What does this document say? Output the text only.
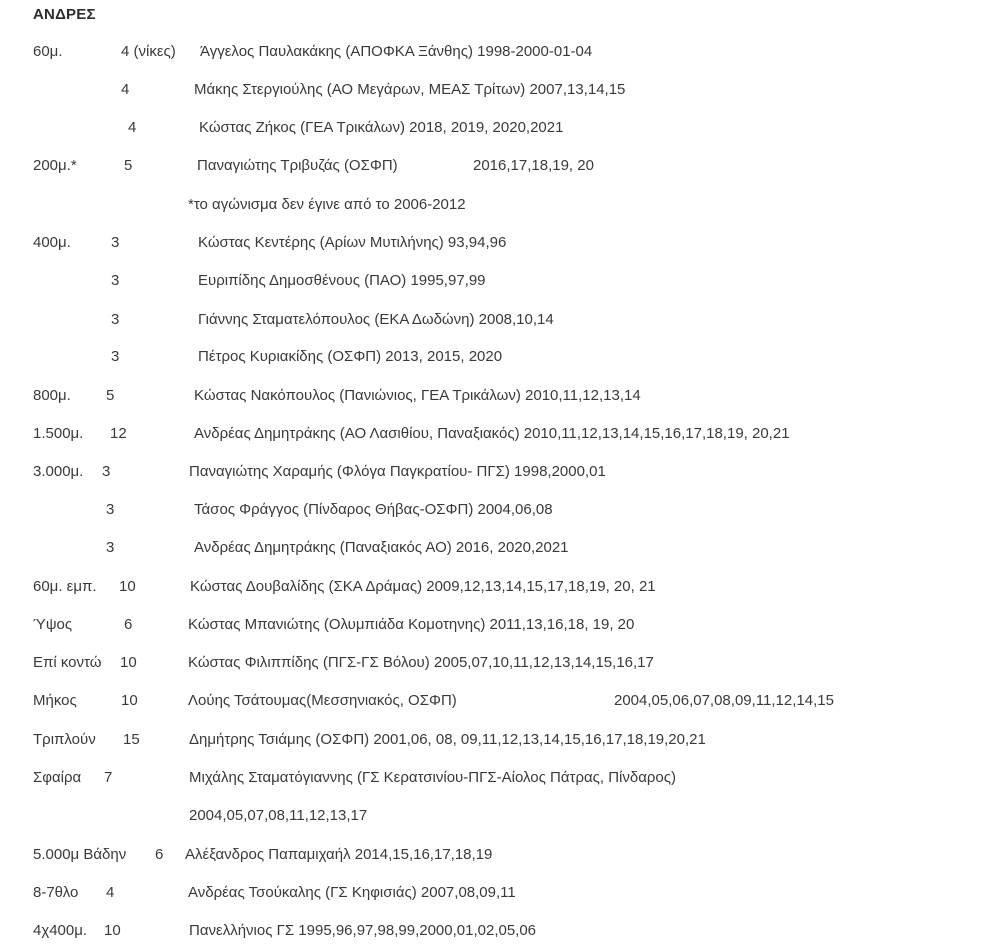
ΑΝΔΡΕΣ
60μ.	4 (νίκες) Άγγελος Παυλακάκης (ΑΠΟΦΚΑ Ξάνθης) 1998-2000-01-04
4	Μάκης Στεργιούλης (ΑΟ Μεγάρων, ΜΕΑΣ Τρίτων) 2007,13,14,15
4	Κώστας Ζήκος (ΓΕΑ Τρικάλων) 2018, 2019, 2020,2021
200μ.*	5	Παναγιώτης Τριβυζάς (ΟΣΦΠ)	2016,17,18,19, 20
*το αγώνισμα δεν έγινε από το 2006-2012
400μ.	3	Κώστας Κεντέρης (Αρίων Μυτιλήνης) 93,94,96
3	Ευριπίδης Δημοσθένους (ΠΑΟ) 1995,97,99
3	Γιάννης Σταματελόπουλος (ΕΚΑ Δωδώνη) 2008,10,14
3	Πέτρος Κυριακίδης (ΟΣΦΠ) 2013, 2015, 2020
800μ. 5	Κώστας Νακόπουλος (Πανιώνιος, ΓΕΑ Τρικάλων) 2010,11,12,13,14
1.500μ. 12	Ανδρέας Δημητράκης (ΑΟ Λασιθίου, Παναξιακός) 2010,11,12,13,14,15,16,17,18,19, 20,21
3.000μ. 3	Παναγιώτης Χαραμής (Φλόγα Παγκρατίου- ΠΓΣ) 1998,2000,01
3	Τάσος Φράγγος (Πίνδαρος Θήβας-ΟΣΦΠ) 2004,06,08
3	Ανδρέας Δημητράκης (Παναξιακός ΑΟ) 2016, 2020,2021
60μ. εμπ. 10	Κώστας Δουβαλίδης (ΣΚΑ Δράμας) 2009,12,13,14,15,17,18,19, 20, 21
Ύψος	6	Κώστας Μπανιώτης (Ολυμπιάδα Κομοτηνης) 2011,13,16,18, 19, 20
Επί κοντώ 10	Κώστας Φιλιππίδης (ΠΓΣ-ΓΣ Βόλου) 2005,07,10,11,12,13,14,15,16,17
Μήκος	10	Λούης Τσάτουμας(Μεσσηνιακός, ΟΣΦΠ)	2004,05,06,07,08,09,11,12,14,15
Τριπλούν 15	Δημήτρης Τσιάμης (ΟΣΦΠ) 2001,06, 08, 09,11,12,13,14,15,16,17,18,19,20,21
Σφαίρα 7	Μιχάλης Σταματόγιαννης (ΓΣ Κερατσινίου-ΠΓΣ-Αίολος Πάτρας, Πίνδαρος)
2004,05,07,08,11,12,13,17
5.000μ Βάδην 6 Αλέξανδρος Παπαμιχαήλ 2014,15,16,17,18,19
8-7θλο 4	Ανδρέας Τσούκαλης (ΓΣ Κηφισιάς) 2007,08,09,11
4χ400μ. 10	Πανελλήνιος ΓΣ 1995,96,97,98,99,2000,01,02,05,06
